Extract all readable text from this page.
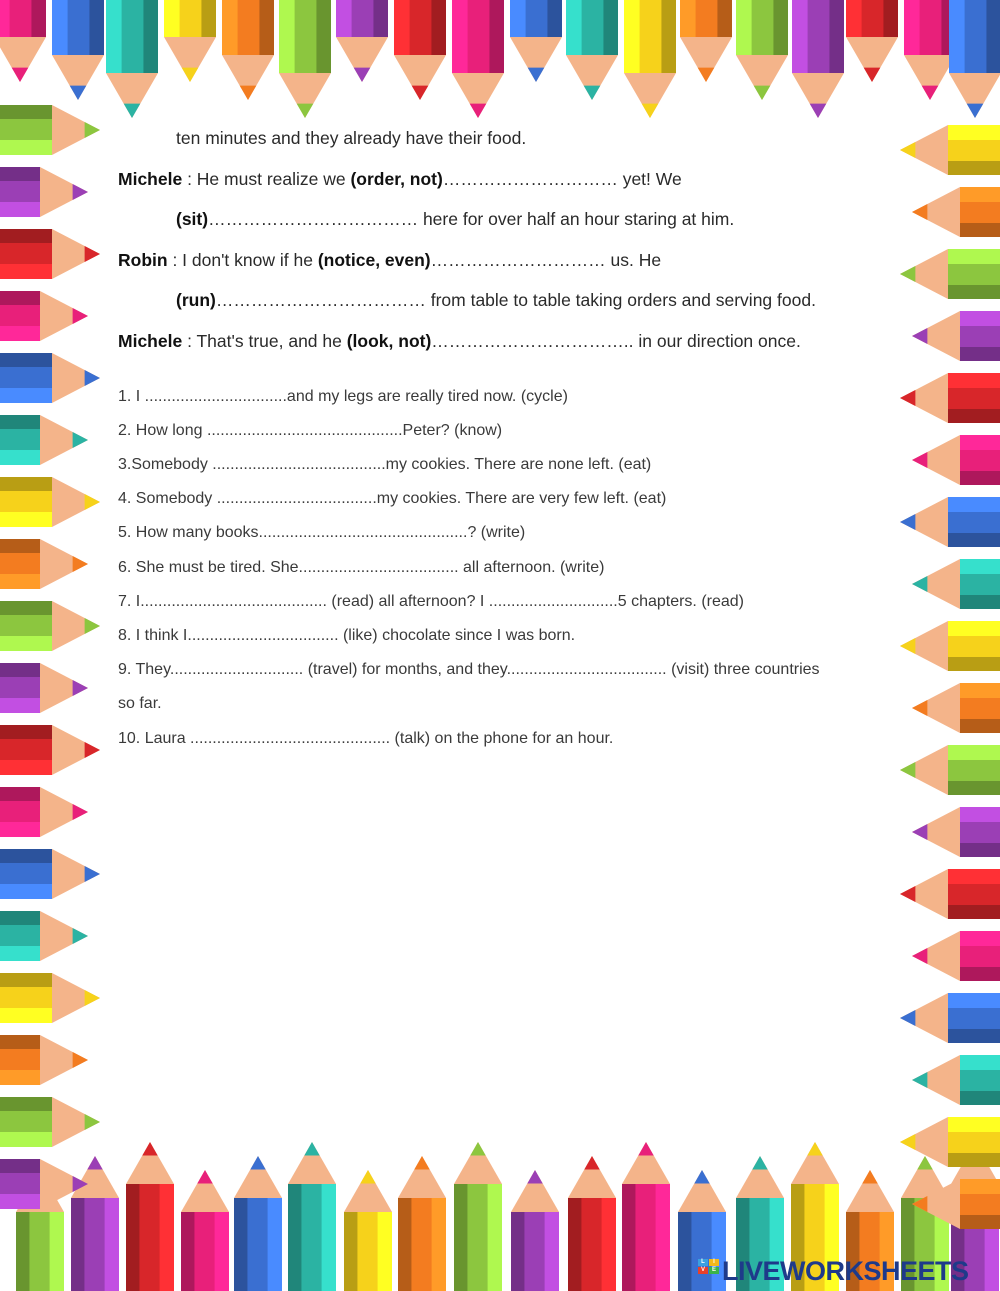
ten minutes and they already have their food.
Michele : He must realize we (order, not)………………………… yet! We
(sit)……………………………… here for over half an hour staring at him.
Robin : I don't know if he (notice, even)………………………… us. He
(run)……………………………… from table to table taking orders and serving food.
Michele : That's true, and he (look, not)…………………………….. in our direction once.
1. I ................................and my legs are really tired now. (cycle)
2. How long ............................................Peter? (know)
3.Somebody .......................................my cookies. There are none left. (eat)
4. Somebody ....................................my cookies. There are very few left. (eat)
5. How many books...............................................? (write)
6. She must be tired. She.................................... all afternoon. (write)
7. I.......................................... (read) all afternoon? I .............................5 chapters. (read)
8. I think I.................................. (like) chocolate since I was born.
9. They.............................. (travel) for months, and they.................................... (visit) three countries
so far.
10. Laura ............................................. (talk) on the phone for an hour.
L	I
V	E LIVEWORKSHEETS
